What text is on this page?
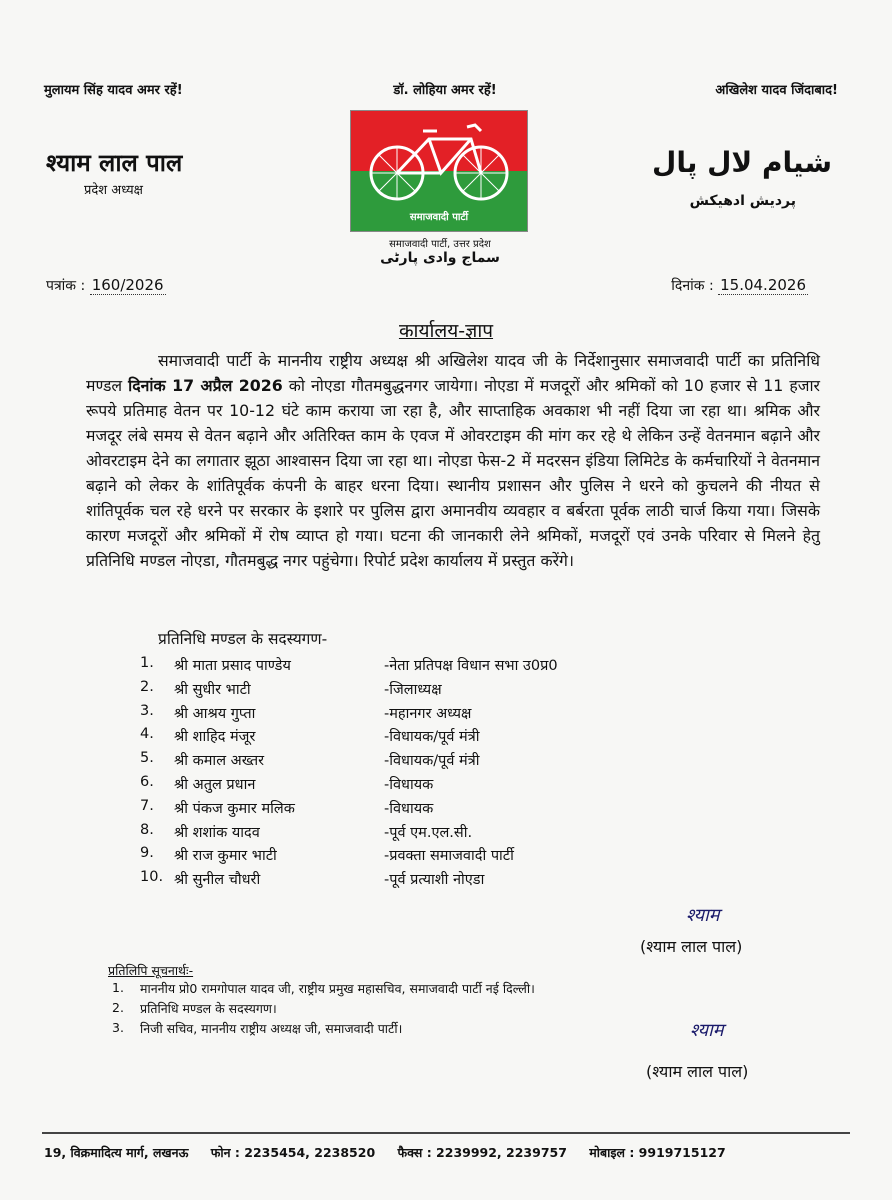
मुलायम सिंह यादव अमर रहें!	डॉ. लोहिया अमर रहें!	अखिलेश यादव जिंदाबाद!
श्याम लाल पाल
प्रदेश अध्यक्ष
شیام لال پال
پردیش ادھیکش
समाजवादी पार्टी
समाजवादी पार्टी, उत्तर प्रदेश
سماج وادی پارٹی
पत्रांक : 160/2026	दिनांक : 15.04.2026
कार्यालय-ज्ञाप
समाजवादी पार्टी के माननीय राष्ट्रीय अध्यक्ष श्री अखिलेश यादव जी के निर्देशानुसार समाजवादी पार्टी का प्रतिनिधि मण्डल दिनांक 17 अप्रैल 2026 को नोएडा गौतमबुद्धनगर जायेगा। नोएडा में मजदूरों और श्रमिकों को 10 हजार से 11 हजार रूपये प्रतिमाह वेतन पर 10-12 घंटे काम कराया जा रहा है, और साप्ताहिक अवकाश भी नहीं दिया जा रहा था। श्रमिक और मजदूर लंबे समय से वेतन बढ़ाने और अतिरिक्त काम के एवज में ओवरटाइम की मांग कर रहे थे लेकिन उन्हें वेतनमान बढ़ाने और ओवरटाइम देने का लगातार झूठा आश्वासन दिया जा रहा था। नोएडा फेस-2 में मदरसन इंडिया लिमिटेड के कर्मचारियों ने वेतनमान बढ़ाने को लेकर के शांतिपूर्वक कंपनी के बाहर धरना दिया। स्थानीय प्रशासन और पुलिस ने धरने को कुचलने की नीयत से शांतिपूर्वक चल रहे धरने पर सरकार के इशारे पर पुलिस द्वारा अमानवीय व्यवहार व बर्बरता पूर्वक लाठी चार्ज किया गया। जिसके कारण मजदूरों और श्रमिकों में रोष व्याप्त हो गया। घटना की जानकारी लेने श्रमिकों, मजदूरों एवं उनके परिवार से मिलने हेतु प्रतिनिधि मण्डल नोएडा, गौतमबुद्ध नगर पहुंचेगा। रिपोर्ट प्रदेश कार्यालय में प्रस्तुत करेंगे।
प्रतिनिधि मण्डल के सदस्यगण-
1.	श्री माता प्रसाद पाण्डेय	-नेता प्रतिपक्ष विधान सभा उ0प्र0
2.	श्री सुधीर भाटी	-जिलाध्यक्ष
3.	श्री आश्रय गुप्ता	-महानगर अध्यक्ष
4.	श्री शाहिद मंजूर	-विधायक/पूर्व मंत्री
5.	श्री कमाल अख्तर	-विधायक/पूर्व मंत्री
6.	श्री अतुल प्रधान	-विधायक
7.	श्री पंकज कुमार मलिक	-विधायक
8.	श्री शशांक यादव	-पूर्व एम.एल.सी.
9.	श्री राज कुमार भाटी	-प्रवक्ता समाजवादी पार्टी
10. श्री सुनील चौधरी	-पूर्व प्रत्याशी नोएडा
श्याम
(श्याम लाल पाल)
प्रतिलिपि सूचनार्थः-
1. माननीय प्रो0 रामगोपाल यादव जी, राष्ट्रीय प्रमुख महासचिव, समाजवादी पार्टी नई दिल्ली।
2. प्रतिनिधि मण्डल के सदस्यगण।
3. निजी सचिव, माननीय राष्ट्रीय अध्यक्ष जी, समाजवादी पार्टी।	श्याम
(श्याम लाल पाल)
19, विक्रमादित्य मार्ग, लखनऊ फोन : 2235454, 2238520 फैक्स : 2239992, 2239757 मोबाइल : 9919715127
